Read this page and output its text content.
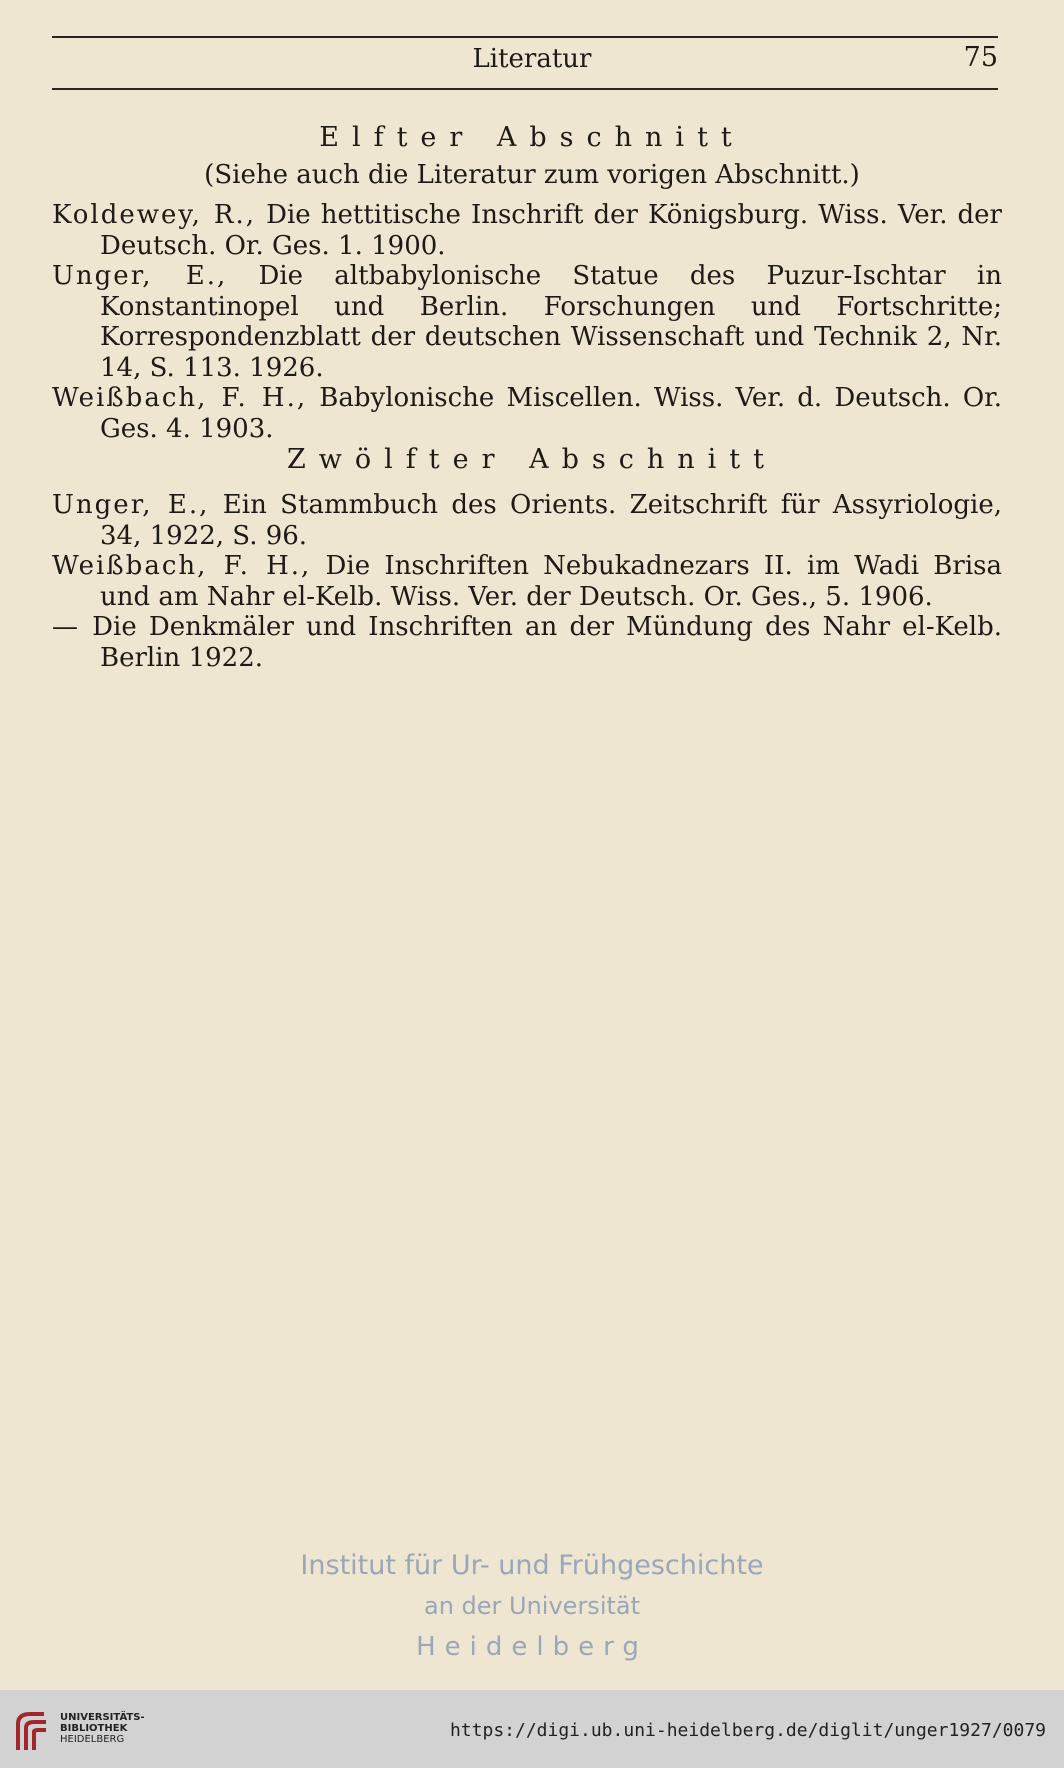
Literatur	75
Elfter Abschnitt
(Siehe auch die Literatur zum vorigen Abschnitt.)

Koldewey, R., Die hettitische Inschrift der Königsburg. Wiss. Ver. der Deutsch. Or. Ges. 1. 1900.

Unger, E., Die altbabylonische Statue des Puzur-Ischtar in Konstantinopel und Berlin. Forschungen und Fortschritte; Korrespondenzblatt der deutschen Wissenschaft und Technik 2, Nr. 14, S. 113. 1926.

Weißbach, F. H., Babylonische Miscellen. Wiss. Ver. d. Deutsch. Or. Ges. 4. 1903.

Zwölfter Abschnitt

Unger, E., Ein Stammbuch des Orients. Zeitschrift für Assyriologie, 34, 1922, S. 96.

Weißbach, F. H., Die Inschriften Nebukadnezars II. im Wadi Brisa und am Nahr el-Kelb. Wiss. Ver. der Deutsch. Or. Ges., 5. 1906.

— Die Denkmäler und Inschriften an der Mündung des Nahr el-Kelb. Berlin 1922.

Institut für Ur- und Frühgeschichte
an der Universität
Heidelberg
UNIVERSITÄTS-
BIBLIOTHEK
HEIDELBERG	https://digi.ub.uni-heidelberg.de/diglit/unger1927/0079
